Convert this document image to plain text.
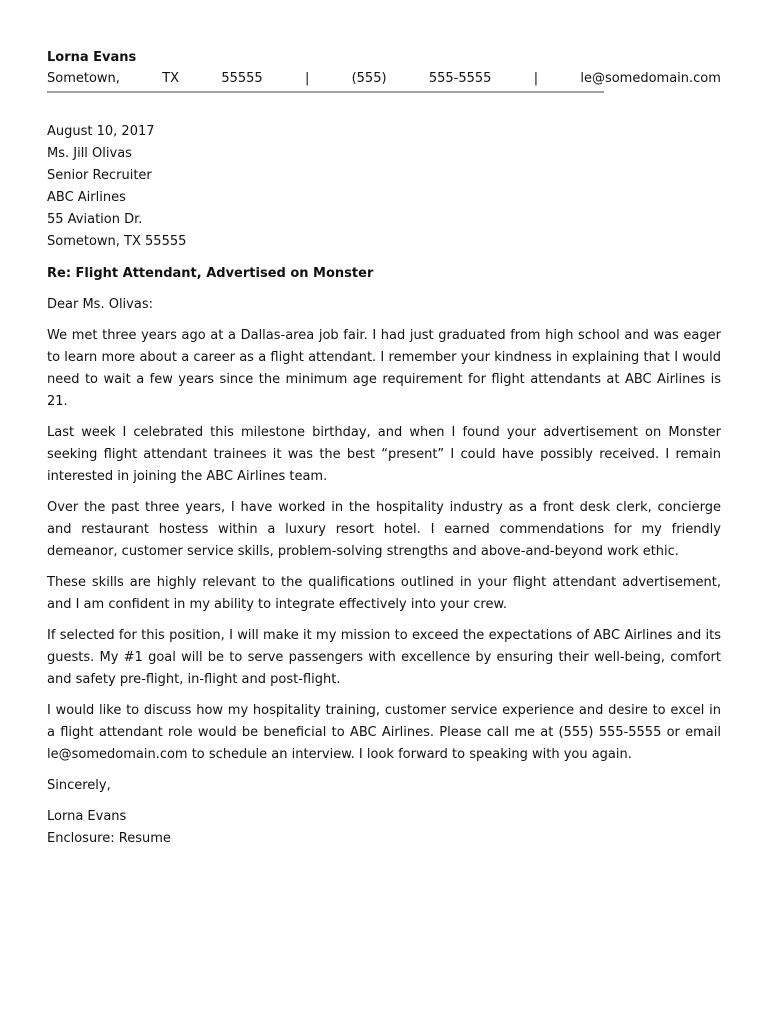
Lorna Evans
Sometown,	TX	55555	|	(555)	555-5555	|	le@somedomain.com
August 10, 2017
Ms. Jill Olivas
Senior Recruiter
ABC Airlines
55 Aviation Dr.
Sometown, TX 55555
Re: Flight Attendant, Advertised on Monster
Dear Ms. Olivas:
We met three years ago at a Dallas-area job fair. I had just graduated from high school and was eager to learn more about a career as a flight attendant. I remember your kindness in explaining that I would need to wait a few years since the minimum age requirement for flight attendants at ABC Airlines is 21.
Last week I celebrated this milestone birthday, and when I found your advertisement on Monster seeking flight attendant trainees it was the best “present” I could have possibly received. I remain interested in joining the ABC Airlines team.
Over the past three years, I have worked in the hospitality industry as a front desk clerk, concierge and restaurant hostess within a luxury resort hotel. I earned commendations for my friendly demeanor, customer service skills, problem-solving strengths and above-and-beyond work ethic.
These skills are highly relevant to the qualifications outlined in your flight attendant advertisement, and I am confident in my ability to integrate effectively into your crew.
If selected for this position, I will make it my mission to exceed the expectations of ABC Airlines and its guests. My #1 goal will be to serve passengers with excellence by ensuring their well-being, comfort and safety pre-flight, in-flight and post-flight.
I would like to discuss how my hospitality training, customer service experience and desire to excel in a flight attendant role would be beneficial to ABC Airlines. Please call me at (555) 555-5555 or email le@somedomain.com to schedule an interview. I look forward to speaking with you again.
Sincerely,
Lorna Evans
Enclosure: Resume
